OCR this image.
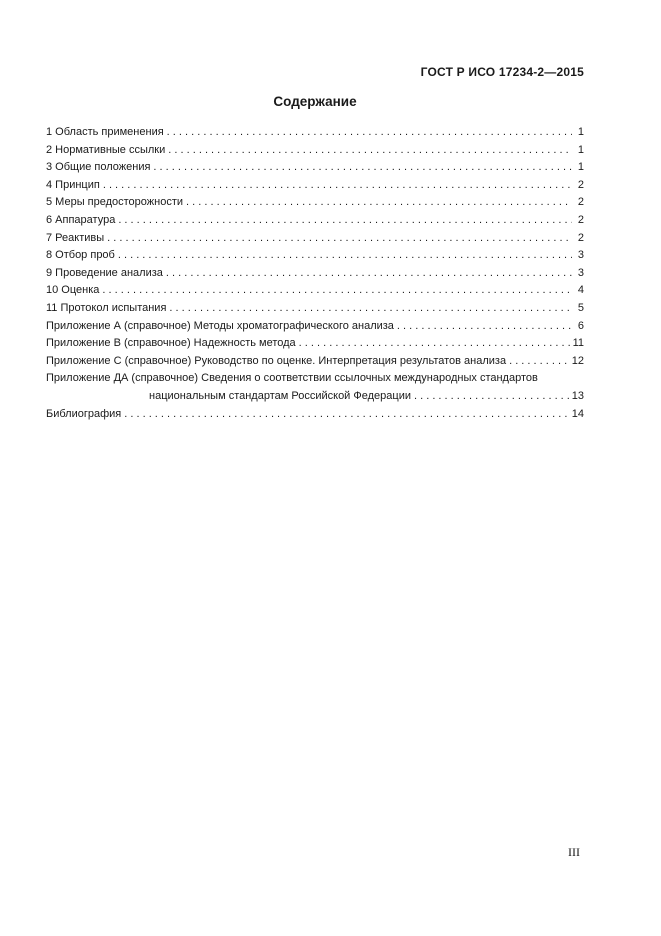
ГОСТ Р ИСО 17234-2—2015
Содержание
1 Область применения . . .	1
2 Нормативные ссылки . . .	1
3 Общие положения . . .	1
4 Принцип . . .	2
5 Меры предосторожности . . .	2
6 Аппаратура . . .	2
7 Реактивы . . .	2
8 Отбор проб . . .	3
9 Проведение анализа . . .	3
10 Оценка . . .	4
11 Протокол испытания . . .	5
Приложение А (справочное) Методы хроматографического анализа . . .	6
Приложение В (справочное) Надежность метода . . .	11
Приложение С (справочное) Руководство по оценке. Интерпретация результатов анализа . . .	12
Приложение ДА (справочное) Сведения о соответствии ссылочных международных стандартов
национальным стандартам Российской Федерации . . .	13
Библиография . . .	14
III
